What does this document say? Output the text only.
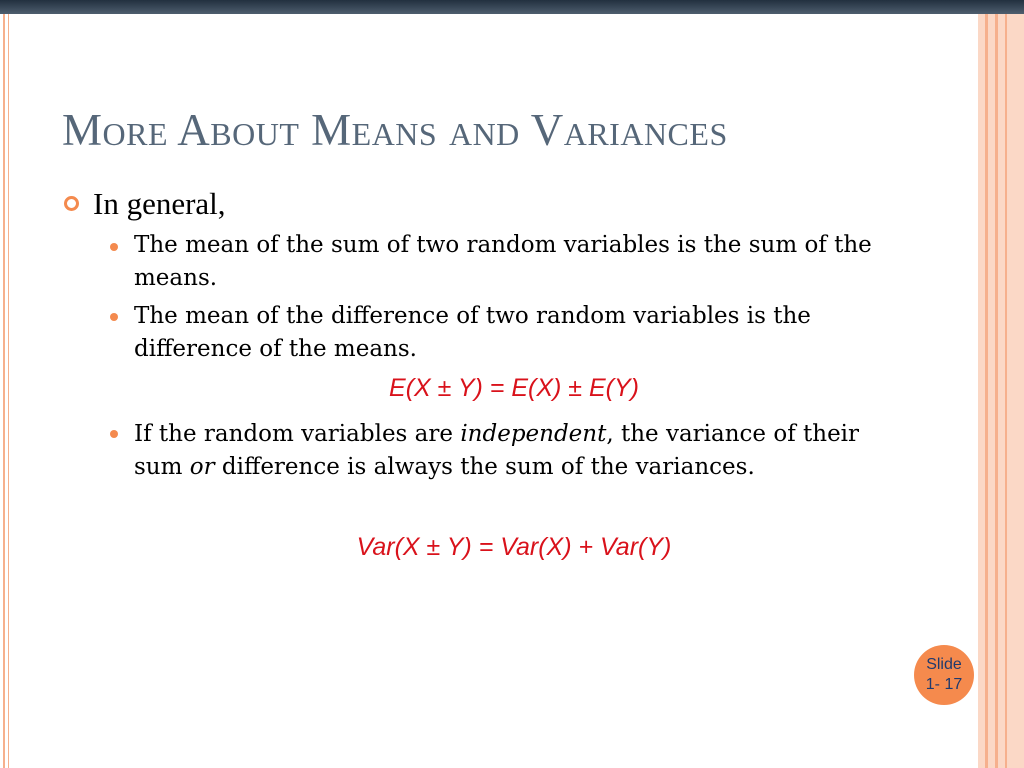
More About Means and Variances
In general,
The mean of the sum of two random variables is the sum of the means.
The mean of the difference of two random variables is the difference of the means.
E(X ± Y) = E(X) ± E(Y)
If the random variables are independent, the variance of their sum or difference is always the sum of the variances.
Var(X ± Y) = Var(X) + Var(Y)
Slide
1- 17
